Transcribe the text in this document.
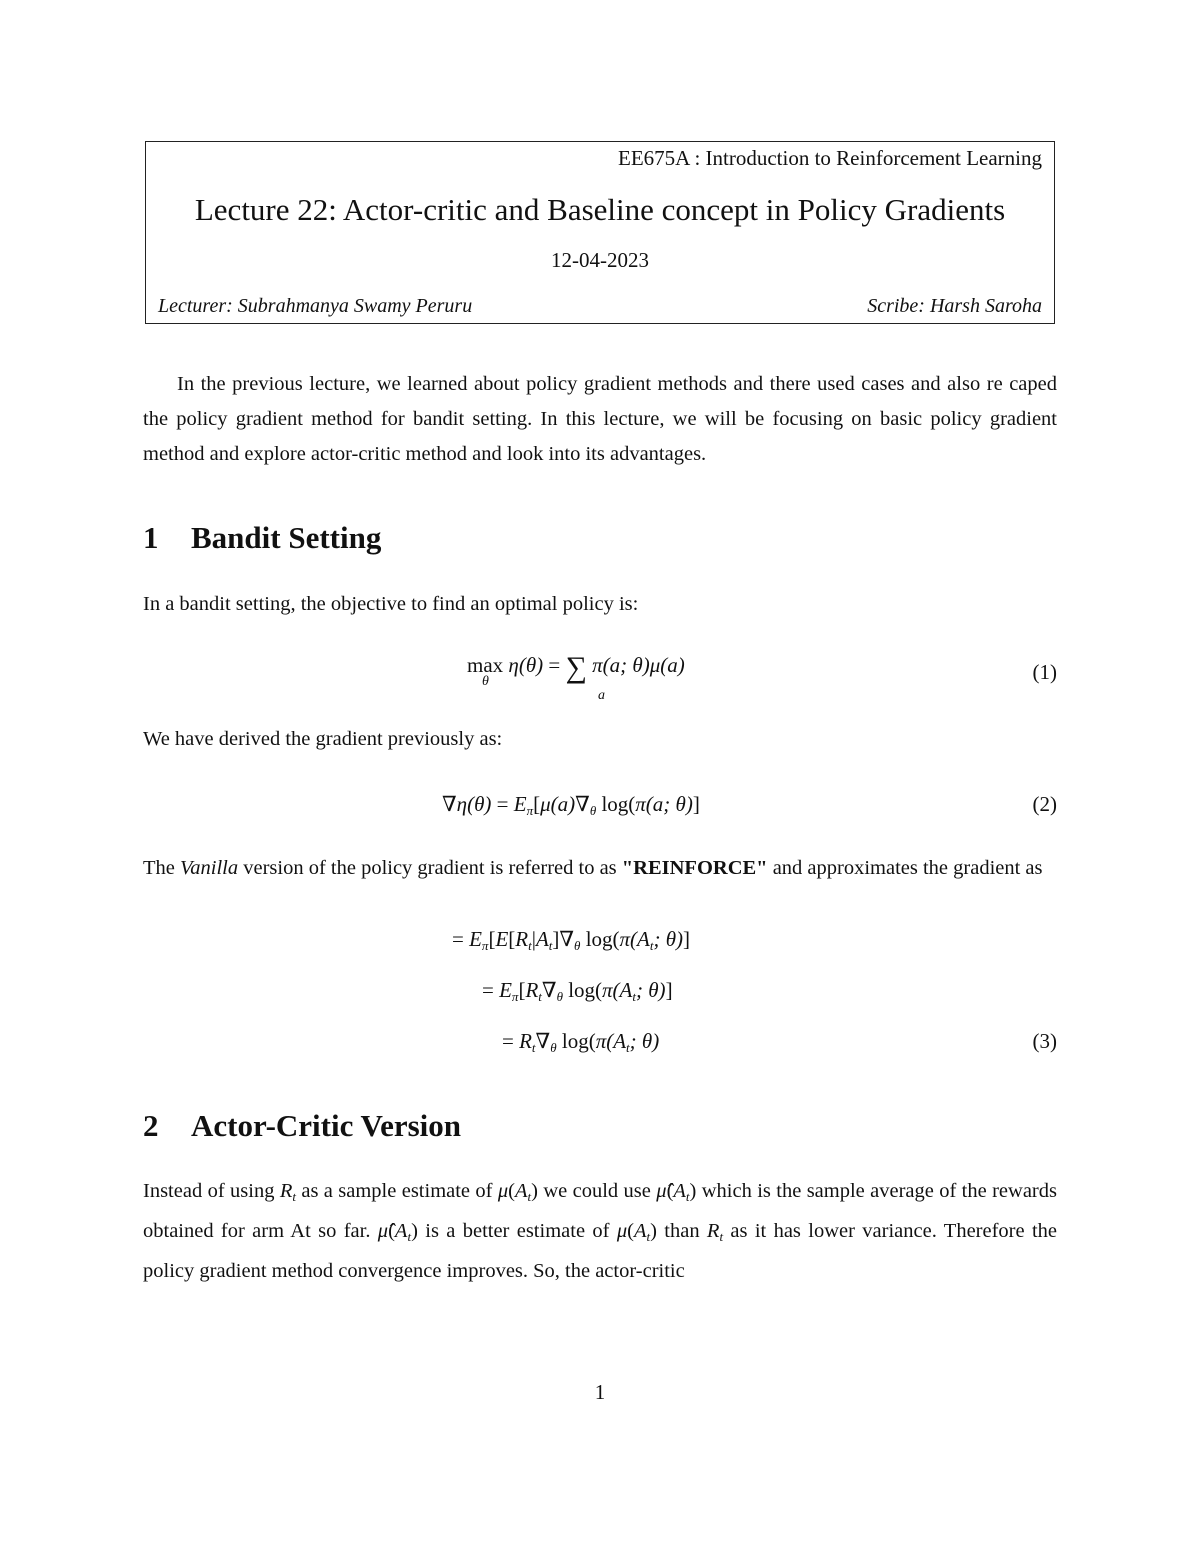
EE675A : Introduction to Reinforcement Learning
Lecture 22: Actor-critic and Baseline concept in Policy Gradients
12-04-2023
Lecturer: Subrahmanya Swamy Peruru	Scribe: Harsh Saroha
In the previous lecture, we learned about policy gradient methods and there used cases and also re caped the policy gradient method for bandit setting. In this lecture, we will be focusing on basic policy gradient method and explore actor-critic method and look into its advantages.
1 Bandit Setting
In a bandit setting, the objective to find an optimal policy is:
max η(θ) = ∑ π(a; θ)μ(a)
θ
a
(1)
We have derived the gradient previously as:
$\nabla\eta(\theta) = E_\pi[\mu(a)\nabla_\theta$ log(π(a; θ)]	(2)
The Vanilla version of the policy gradient is referred to as "REINFORCE" and approximates the gradient as
= $E_\pi[E[R_t|A_t]\nabla_\theta$ $\log(\pi(A_t$; θ)]
= $E_\pi[R_t\nabla_\theta$ $\log(\pi(A_t$; θ)]
= $R_t\nabla_\theta$ $\log(\pi(A_t$; θ)	(3)
2 Actor-Critic Version
Instead of using $R_t$ as a sample estimate of $\mu(A_t)$ we could use $\mû(A_t)$ which is the sample average of the rewards obtained for arm At so far. $\mû(A_t)$ is a better estimate of $\mu(A_t)$ than $R_t$ as it has lower variance. Therefore the policy gradient method convergence improves. So, the actor-critic
1
